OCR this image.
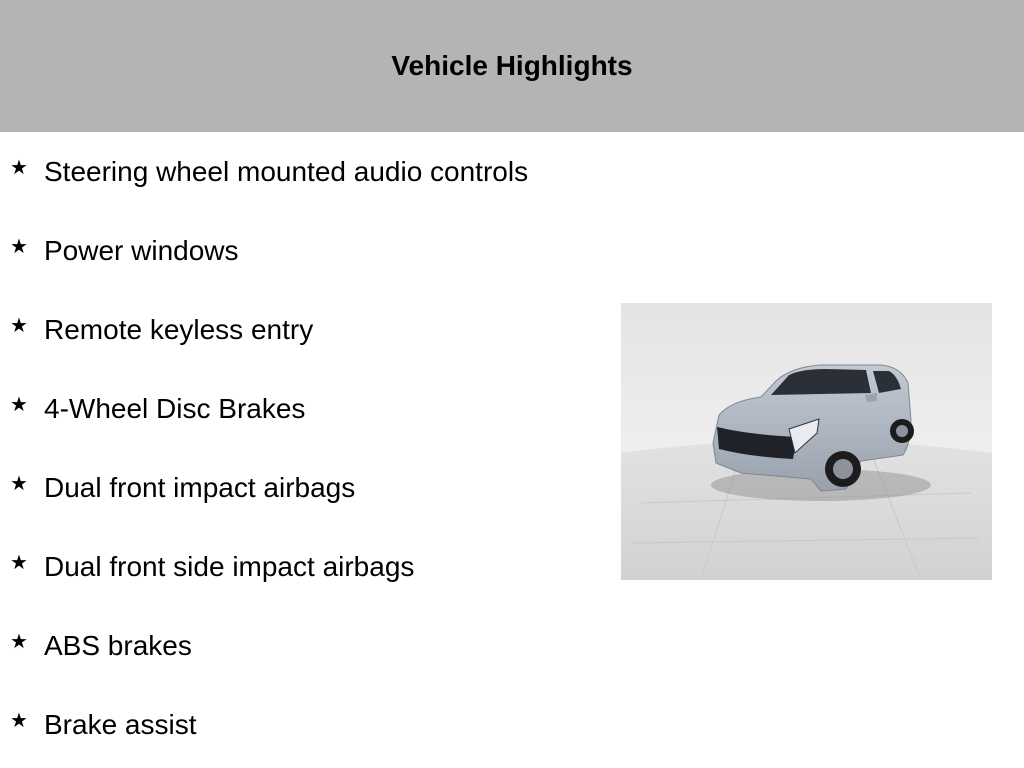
Vehicle Highlights
★ Steering wheel mounted audio controls
★ Power windows
★ Remote keyless entry
★ 4-Wheel Disc Brakes
★ Dual front impact airbags
★ Dual front side impact airbags
★ ABS brakes
★ Brake assist
